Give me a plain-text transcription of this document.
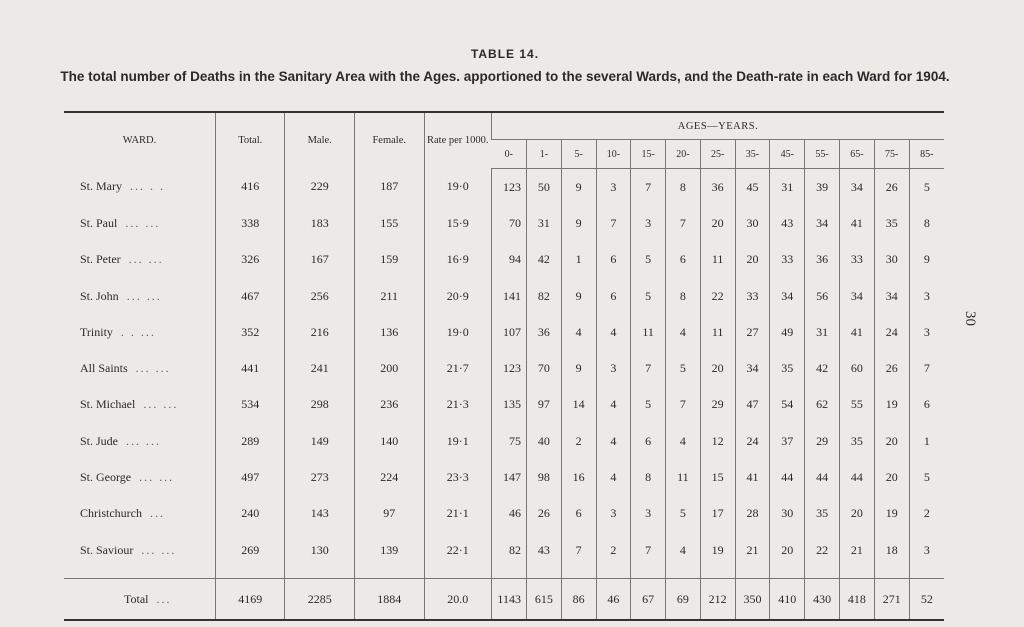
TABLE 14.
The total number of Deaths in the Sanitary Area with the Ages. apportioned to the several Wards, and the Death-rate in each Ward for 1904.
30
WARD.	Total.	Male.	Female.	Rate per 1000.	AGES—YEARS.												
					0-	1-	5-	10-	15-	20-	25-	35-	45-	55-	65-	75-	85-
St. Mary ... . .	416	229	187	19·0	123	50	9	3	7	8	36	45	31	39	34	26	5
St. Paul ... ...	338	183	155	15·9	70	31	9	7	3	7	20	30	43	34	41	35	8
St. Peter ... ...	326	167	159	16·9	94	42	1	6	5	6	11	20	33	36	33	30	9
St. John ... ...	467	256	211	20·9	141	82	9	6	5	8	22	33	34	56	34	34	3
Trinity . . ...	352	216	136	19·0	107	36	4	4	11	4	11	27	49	31	41	24	3
All Saints ... ...	441	241	200	21·7	123	70	9	3	7	5	20	34	35	42	60	26	7
St. Michael ... ...	534	298	236	21·3	135	97	14	4	5	7	29	47	54	62	55	19	6
St. Jude ... ...	289	149	140	19·1	75	40	2	4	6	4	12	24	37	29	35	20	1
St. George ... ...	497	273	224	23·3	147	98	16	4	8	11	15	41	44	44	44	20	5
Christchurch ...	240	143	97	21·1	46	26	6	3	3	5	17	28	30	35	20	19	2
St. Saviour ... ...	269	130	139	22·1	82	43	7	2	7	4	19	21	20	22	21	18	3

Total ...	4169	2285	1884	20.0	1143	615	86	46	67	69	212	350	410	430	418	271	52
